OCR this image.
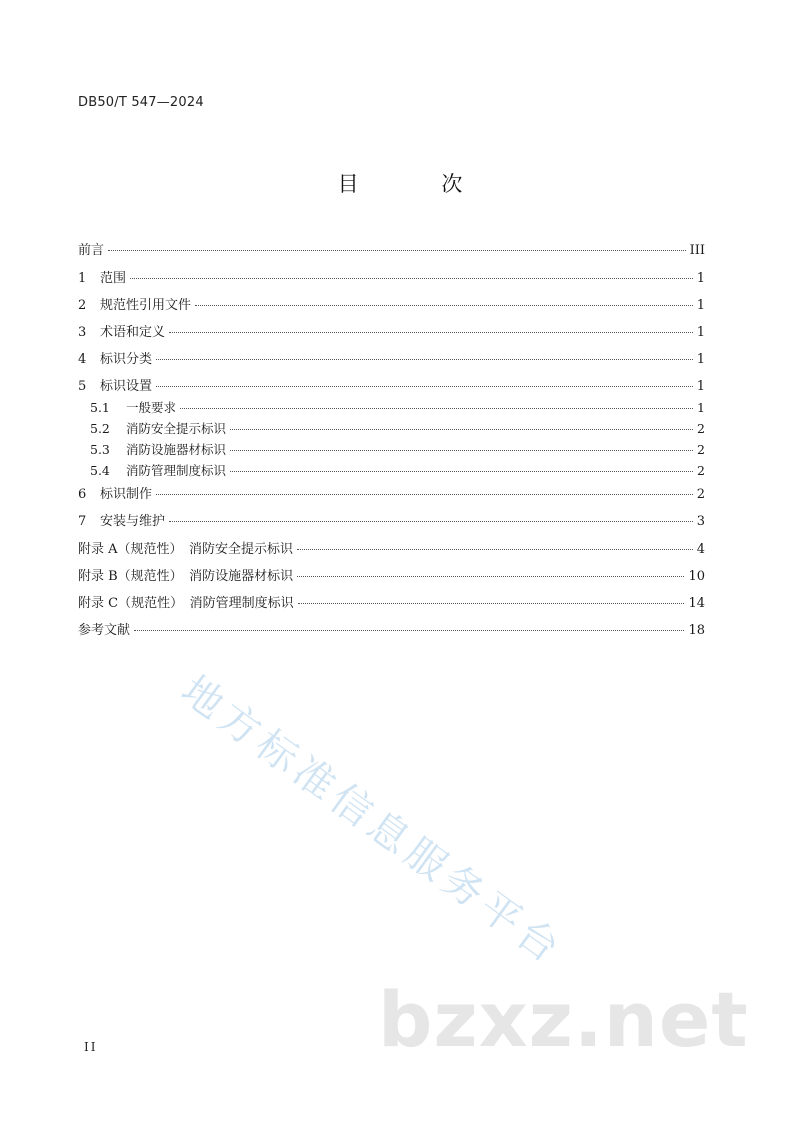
DB50/T 547—2024
目 次
前言	III
1	范围	1
2	规范性引用文件	1
3	术语和定义	1
4	标识分类	1
5	标识设置	1
5.1	一般要求	1
5.2	消防安全提示标识	2
5.3	消防设施器材标识	2
5.4	消防管理制度标识	2
6	标识制作	2
7	安装与维护	3
附录 A（规范性）　消防安全提示标识	4
附录 B（规范性）　消防设施器材标识	10
附录 C（规范性）　消防管理制度标识	14
参考文献	18
地方标准信息服务平台
bzxz.net
II
